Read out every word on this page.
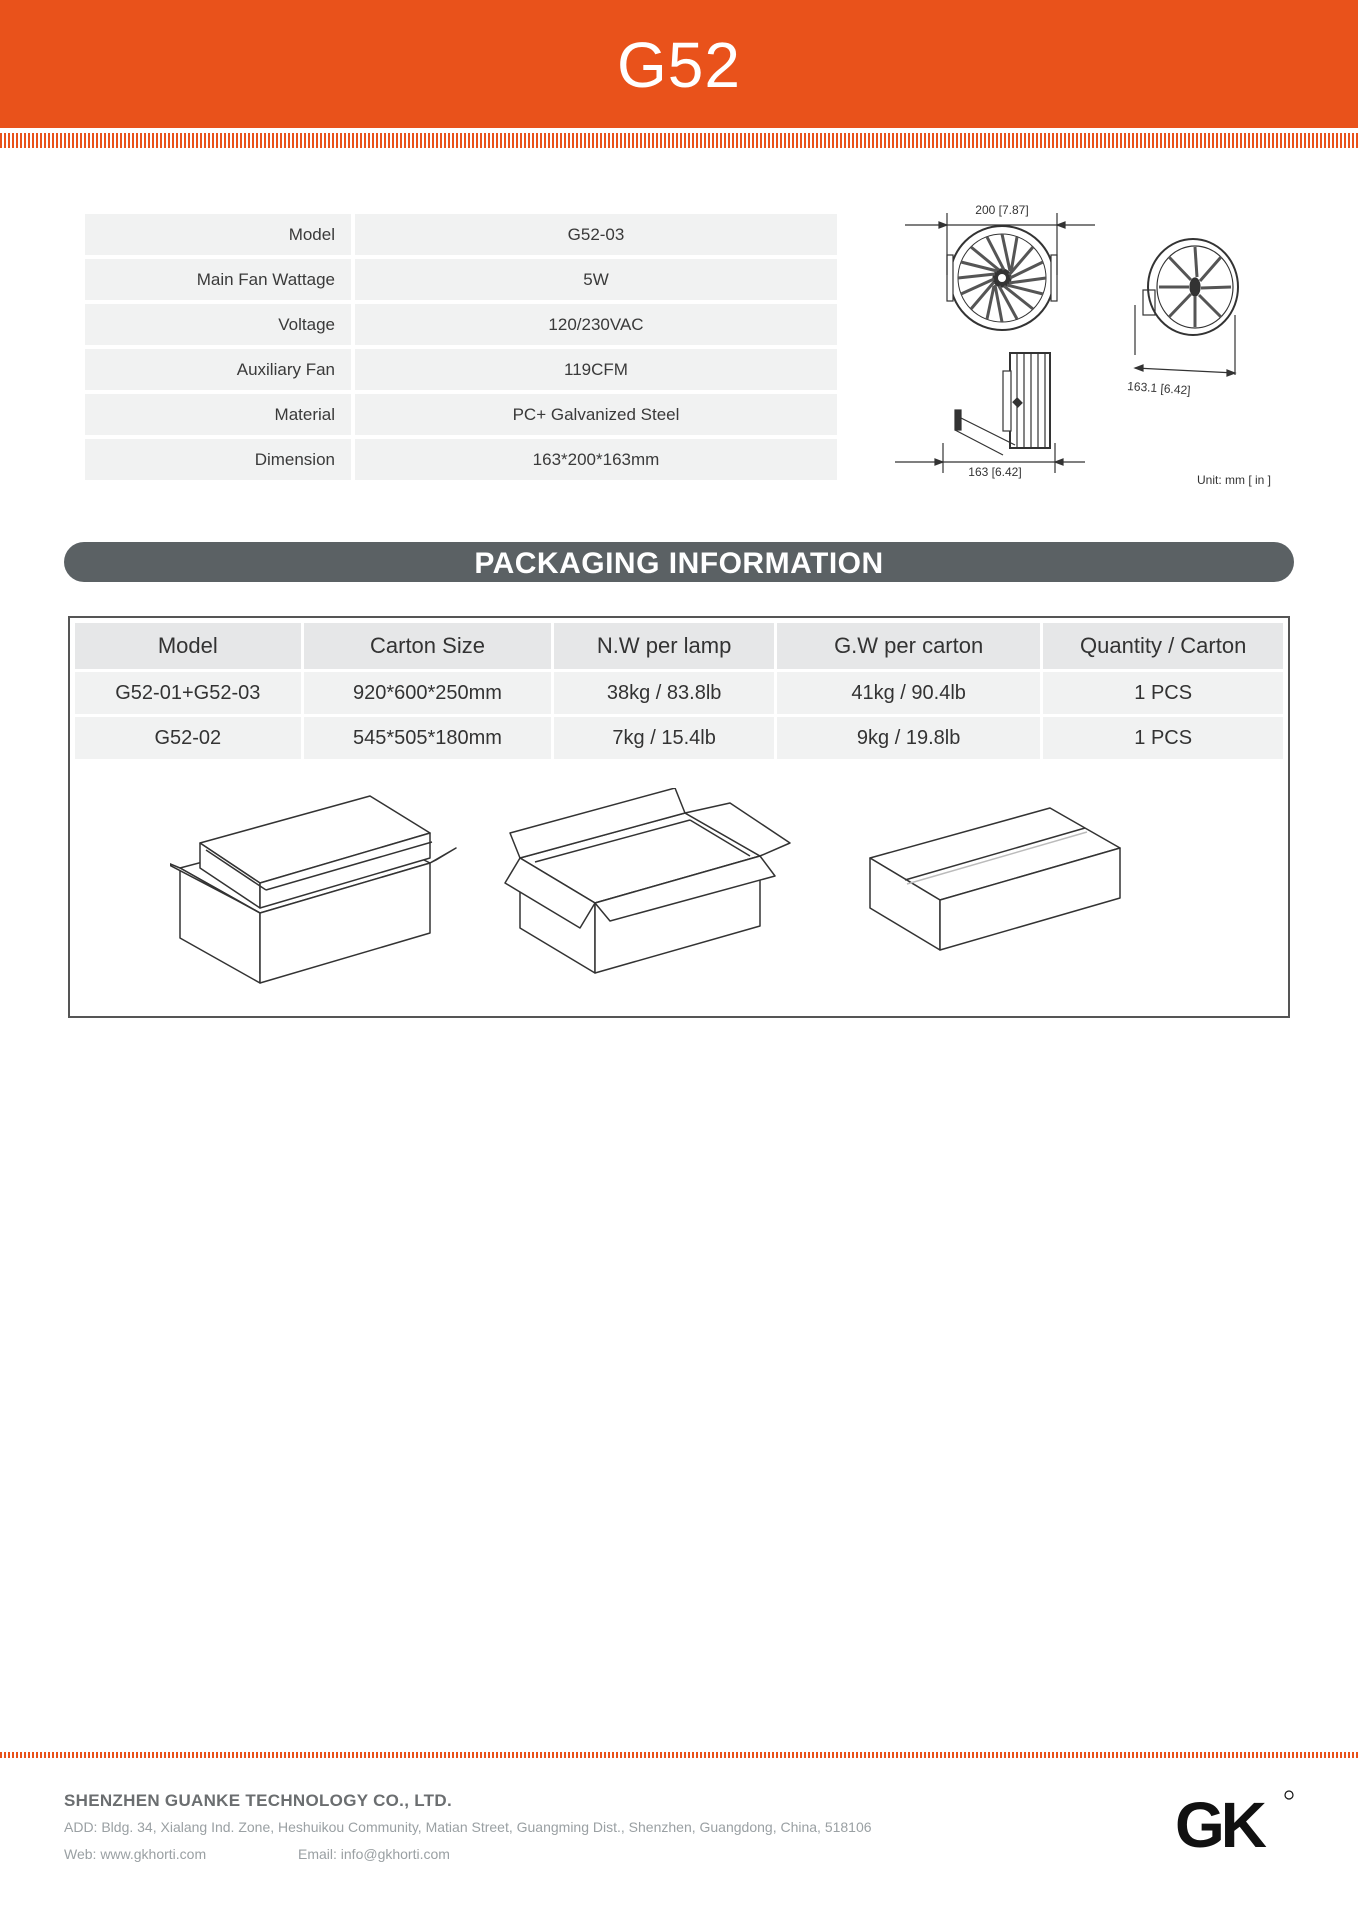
G52
Model	G52-03
Main Fan Wattage	5W
Voltage	120/230VAC
Auxiliary Fan	119CFM
Material	PC+ Galvanized Steel
Dimension	163*200*163mm
200 [7.87]
163.1 [6.42]
163 [6.42]
Unit: mm [ in ]
PACKAGING INFORMATION
Model	Carton Size	N.W per lamp	G.W per carton	Quantity / Carton
G52-01+G52-03	920*600*250mm	38kg / 83.8lb	41kg / 90.4lb	1 PCS
G52-02	545*505*180mm	7kg / 15.4lb	9kg / 19.8lb	1 PCS
SHENZHEN GUANKE TECHNOLOGY CO., LTD.
ADD: Bldg. 34, Xialang Ind. Zone, Heshuikou Community, Matian Street, Guangming Dist., Shenzhen, Guangdong, China, 518106
Web: www.gkhorti.com	Email: info@gkhorti.com	GK
